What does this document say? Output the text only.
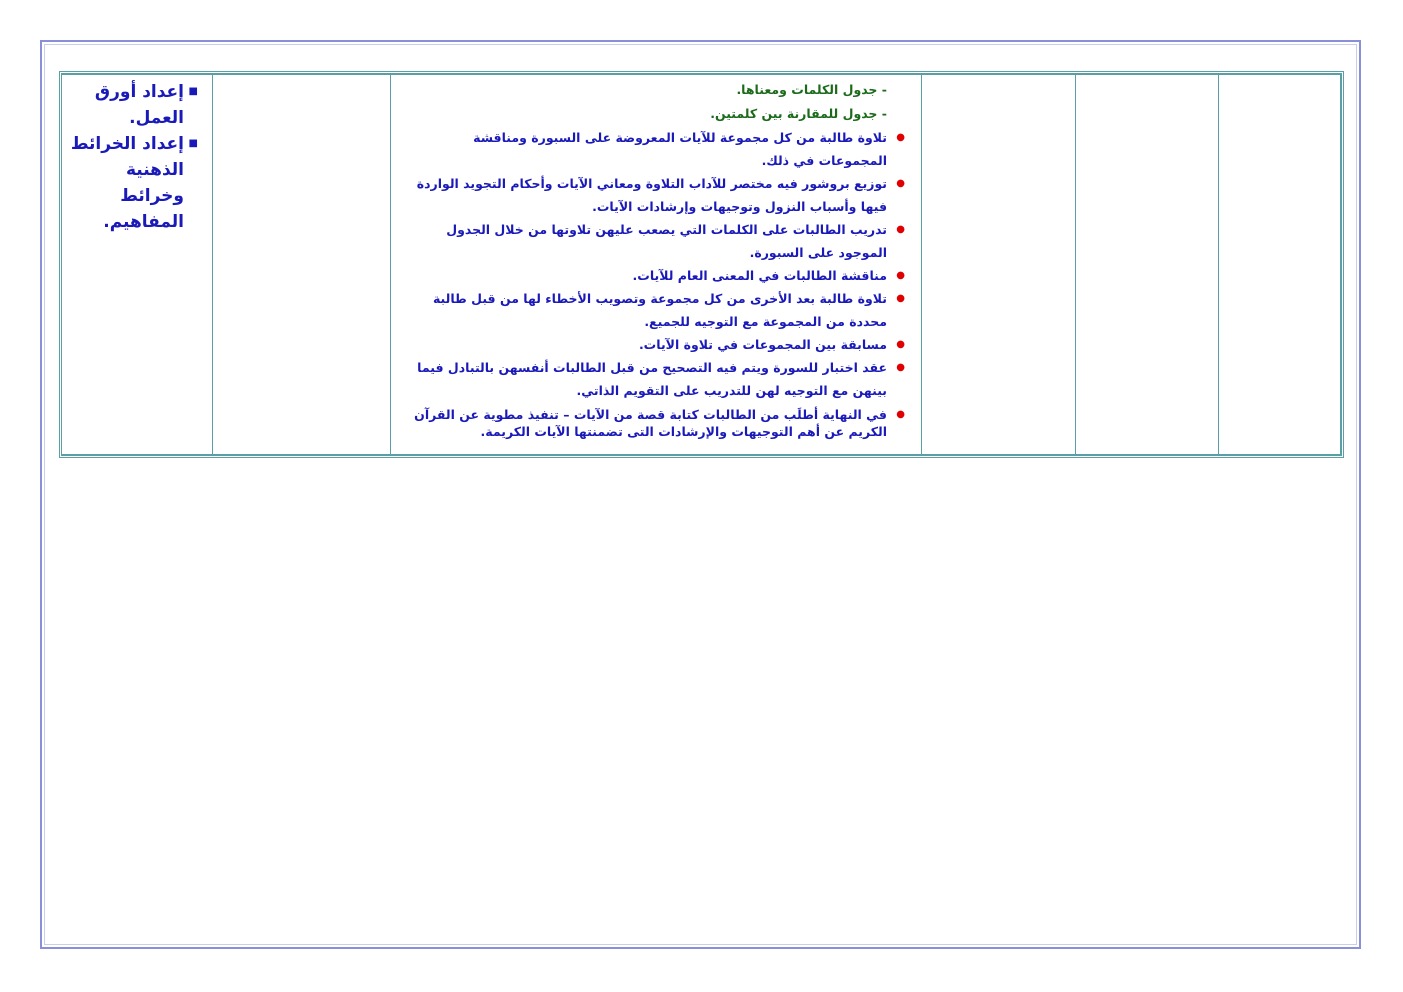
- جدول الكلمات ومعناها.
- جدول للمقارنة بين كلمتين.
●
تلاوة طالبة من كل مجموعة للآيات المعروضة على السبورة ومناقشة المجموعات في ذلك.
●
توزيع بروشور فيه مختصر للآداب التلاوة ومعاني الآيات وأحكام التجويد الواردة فيها وأسباب النزول وتوجيهات وإرشادات الآيات.
●
تدريب الطالبات على الكلمات التي يصعب عليهن تلاوتها من خلال الجدول الموجود على السبورة.
●
مناقشة الطالبات في المعنى العام للآيات.
●
تلاوة طالبة بعد الأخرى من كل مجموعة وتصويب الأخطاء لها من قبل طالبة محددة من المجموعة مع التوجيه للجميع.
●
مسابقة بين المجموعات في تلاوة الآيات.
●
عقد اختبار للسورة ويتم فيه التصحيح من قبل الطالبات أنفسهن بالتبادل فيما بينهن مع التوجيه لهن للتدريب على التقويم الذاتي.
●
في النهاية أطلَب من الطالبات كتابة قصة من الآيات – تنفيذ مطوية عن القرآن الكريم عن أهم التوجيهات والإرشادات التى تضمنتها الآيات الكريمة.

■
إعداد أورق العمل.
■
إعداد الخرائط الذهنية وخرائط المفاهيم.
